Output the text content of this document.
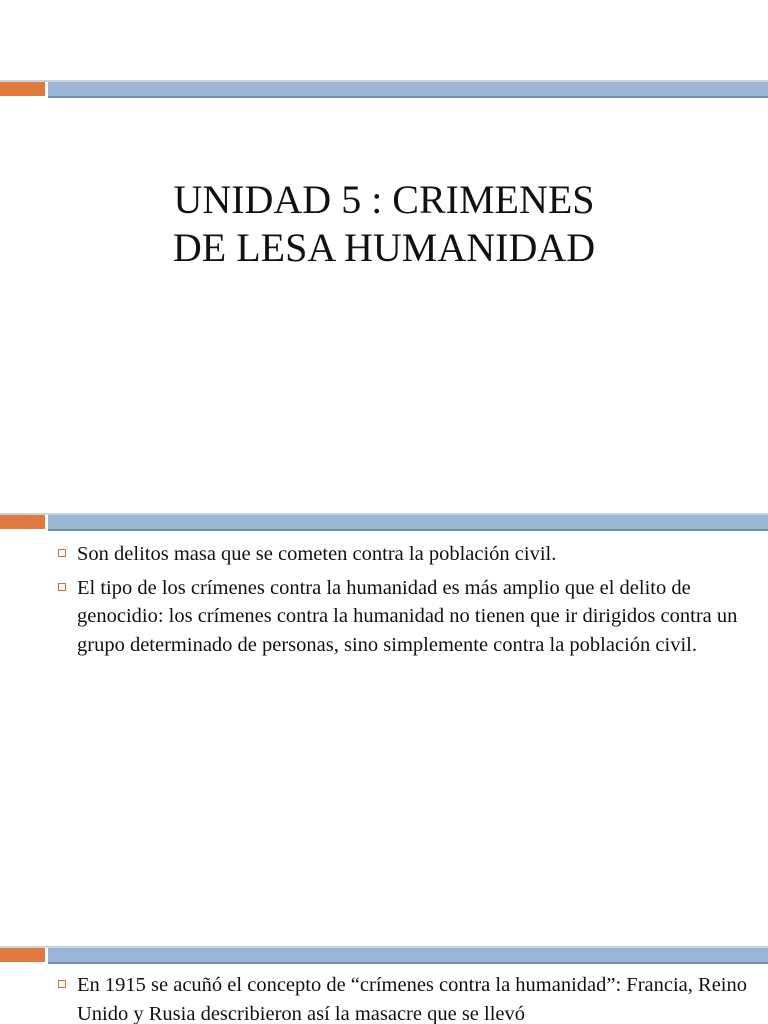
UNIDAD 5 : CRIMENES
DE LESA HUMANIDAD
Son delitos masa que se cometen contra la población civil.
El tipo de los crímenes contra la humanidad es más amplio que el delito de genocidio: los crímenes contra la humanidad no tienen que ir dirigidos contra un grupo determinado de personas, sino simplemente contra la población civil.
En 1915 se acuñó el concepto de “crímenes contra la humanidad”: Francia, Reino Unido y Rusia describieron así la masacre que se llevó
